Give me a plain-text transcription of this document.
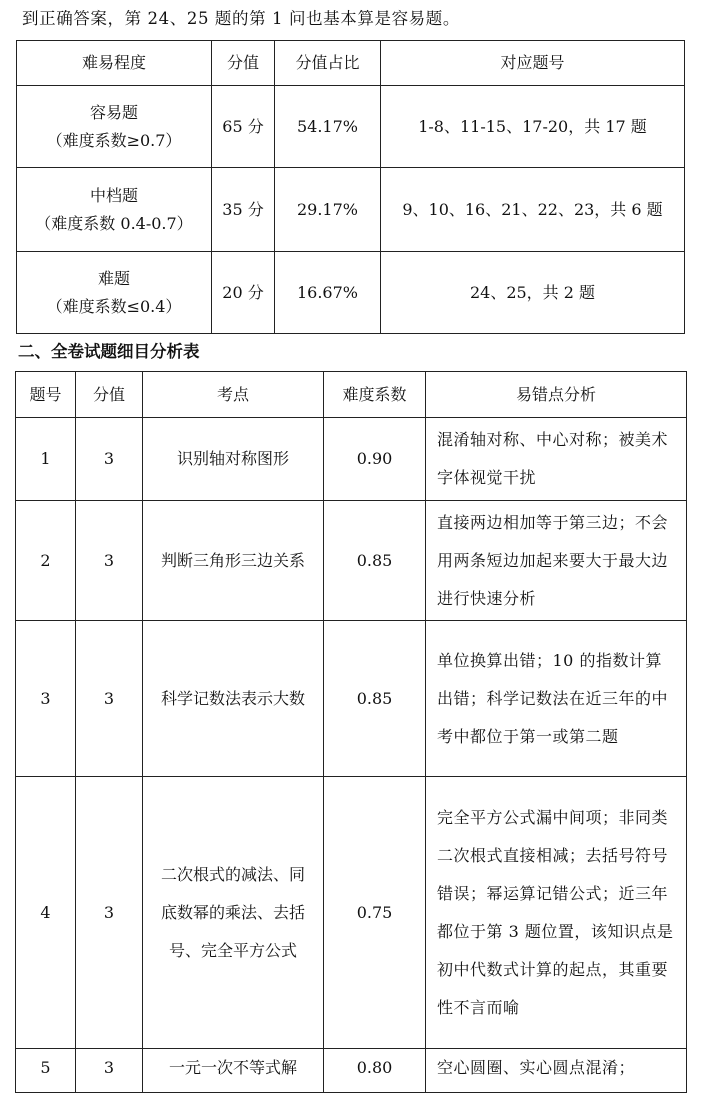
到正确答案，第 24、25 题的第 1 问也基本算是容易题。
难易程度	分值	分值占比	对应题号
容易题
（难度系数≥0.7）	65 分	54.17%	1-8、11-15、17-20，共 17 题
中档题
（难度系数 0.4-0.7）	35 分	29.17%	9、10、16、21、22、23，共 6 题
难题
（难度系数≤0.4）	20 分	16.67%	24、25，共 2 题
二、全卷试题细目分析表
题号	分值	考点	难度系数	易错点分析
1	3	识别轴对称图形	0.90	混淆轴对称、中心对称；被美术字体视觉干扰

2	3	判断三角形三边关系	0.85	直接两边相加等于第三边；不会用两条短边加起来要大于最大边进行快速分析

3	3	科学记数法表示大数	0.85	单位换算出错；10 的指数计算出错；科学记数法在近三年的中考中都位于第一或第二题

4	3	二次根式的减法、同底数幂的乘法、去括号、完全平方公式	0.75	完全平方公式漏中间项；非同类二次根式直接相减；去括号符号错误；幂运算记错公式；近三年都位于第 3 题位置，该知识点是初中代数式计算的起点，其重要性不言而喻

5	3	一元一次不等式解	0.80	空心圆圈、实心圆点混淆；
